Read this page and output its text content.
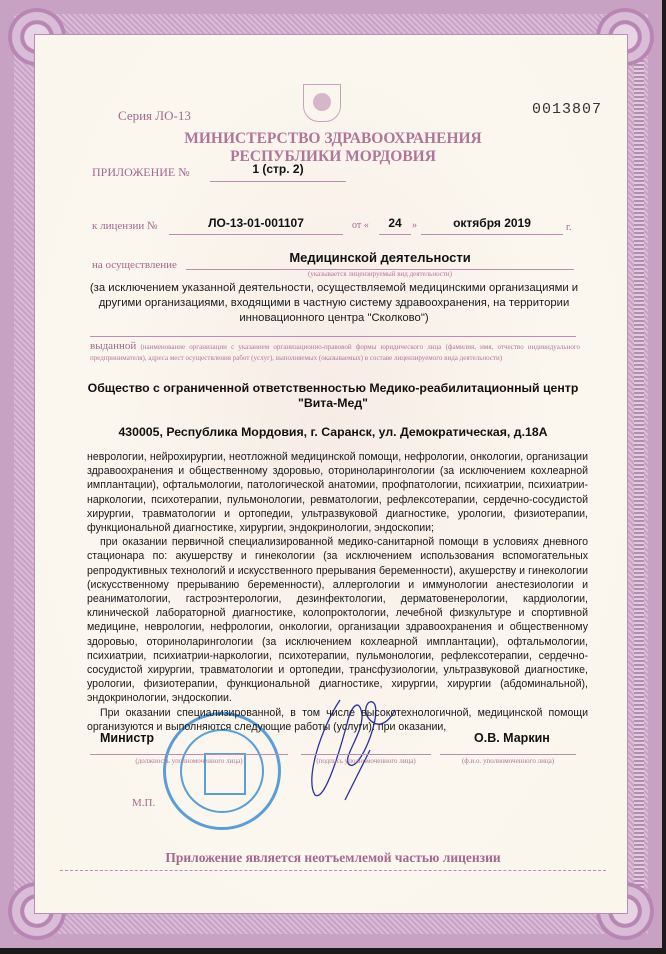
Серия ЛО-13	0013807
МИНИСТЕРСТВО ЗДРАВООХРАНЕНИЯ
РЕСПУБЛИКИ МОРДОВИЯ
ПРИЛОЖЕНИЕ №	1 (стр. 2)
к лицензии №	ЛО-13-01-001107	от «	24	»	октября 2019	г.
на осуществление	Медицинской деятельности
(указывается лицензируемый вид деятельности)
(за исключением указанной деятельности, осуществляемой медицинскими организациями и другими организациями, входящими в частную систему здравоохранения, на территории инновационного центра "Сколково")
выданной (наименование организации с указанием организационно-правовой формы юридического лица (фамилия, имя, отчество индивидуального предпринимателя), адреса мест осуществления работ (услуг), выполняемых (оказываемых) в составе лицензируемого вида деятельности)
Общество с ограниченной ответственностью Медико-реабилитационный центр
"Вита-Мед"
430005, Республика Мордовия, г. Саранск, ул. Демократическая, д.18А

неврологии, нейрохирургии, неотложной медицинской помощи, нефрологии, онкологии, организации здравоохранения и общественному здоровью, оториноларингологии (за исключением кохлеарной имплантации), офтальмологии, патологической анатомии, профпатологии, психиатрии, психиатрии-наркологии, психотерапии, пульмонологии, ревматологии, рефлексотерапии, сердечно-сосудистой хирургии, травматологии и ортопедии, ультразвуковой диагностике, урологии, физиотерапии, функциональной диагностике, хирургии, эндокринологии, эндоскопии;

при оказании первичной специализированной медико-санитарной помощи в условиях дневного стационара по: акушерству и гинекологии (за исключением использования вспомогательных репродуктивных технологий и искусственного прерывания беременности), акушерству и гинекологии (искусственному прерыванию беременности), аллергологии и иммунологии анестезиологии и реаниматологии, гастроэнтерологии, дезинфектологии, дерматовенерологии, кардиологии, клинической лабораторной диагностике, колопроктологии, лечебной физкультуре и спортивной медицине, неврологии, нефрологии, онкологии, организации здравоохранения и общественному здоровью, оториноларингологии (за исключением кохлеарной имплантации), офтальмологии, психиатрии, психиатрии-наркологии, психотерапии, пульмонологии, рефлексотерапии, сердечно-сосудистой хирургии, травматологии и ортопедии, трансфузиологии, ультразвуковой диагностике, урологии, физиотерапии, функциональной диагностике, хирургии, хирургии (абдоминальной), эндокринологии, эндоскопии.

При оказании специализированной, в том числе высокотехнологичной, медицинской помощи организуются и выполняются следующие работы (услуги): при оказании,

Министр
(должность уполномоченного лица)	(подпись уполномоченного лица)
О.В. Маркин
(ф.и.о. уполномоченного лица)
М.П.
Приложение является неотъемлемой частью лицензии
